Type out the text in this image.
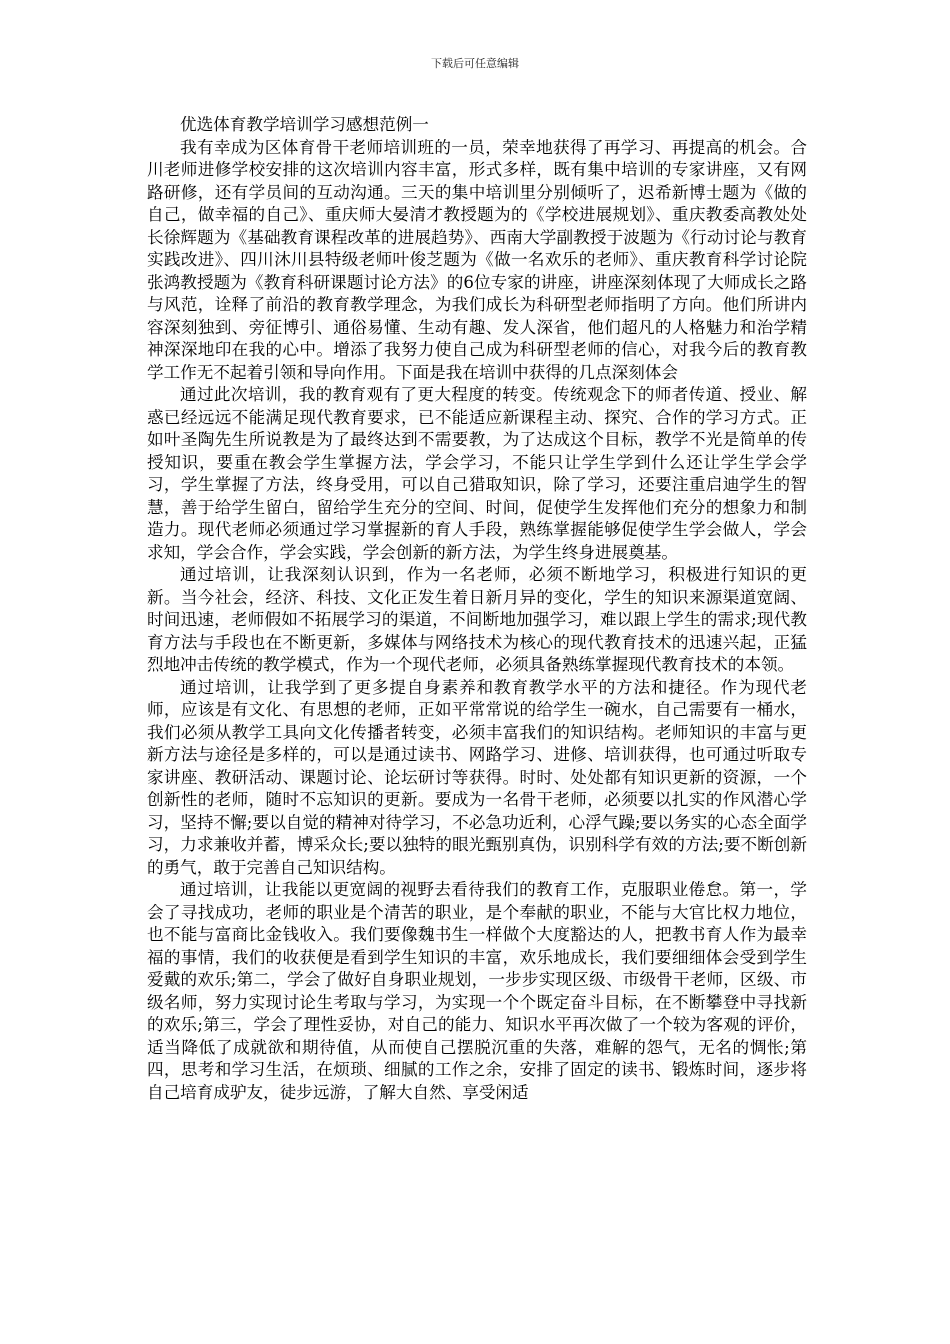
下载后可任意编辑

优选体育教学培训学习感想范例一

我有幸成为区体育骨干老师培训班的一员，荣幸地获得了再学习、再提高的机会。合川老师进修学校安排的这次培训内容丰富，形式多样，既有集中培训的专家讲座，又有网路研修，还有学员间的互动沟通。三天的集中培训里分别倾听了，迟希新博士题为《做的自己，做幸福的自己》、重庆师大晏清才教授题为的《学校进展规划》、重庆教委高教处处长徐辉题为《基础教育课程改革的进展趋势》、西南大学副教授于波题为《行动讨论与教育实践改进》、四川沐川县特级老师叶俊芝题为《做一名欢乐的老师》、重庆教育科学讨论院张鸿教授题为《教育科研课题讨论方法》的6位专家的讲座，讲座深刻体现了大师成长之路与风范，诠释了前沿的教育教学理念，为我们成长为科研型老师指明了方向。他们所讲内容深刻独到、旁征博引、通俗易懂、生动有趣、发人深省，他们超凡的人格魅力和治学精神深深地印在我的心中。增添了我努力使自己成为科研型老师的信心，对我今后的教育教学工作无不起着引领和导向作用。下面是我在培训中获得的几点深刻体会

通过此次培训，我的教育观有了更大程度的转变。传统观念下的师者传道、授业、解惑已经远远不能满足现代教育要求，已不能适应新课程主动、探究、合作的学习方式。正如叶圣陶先生所说教是为了最终达到不需要教，为了达成这个目标，教学不光是简单的传授知识，要重在教会学生掌握方法，学会学习，不能只让学生学到什么还让学生学会学习，学生掌握了方法，终身受用，可以自己猎取知识，除了学习，还要注重启迪学生的智慧，善于给学生留白，留给学生充分的空间、时间，促使学生发挥他们充分的想象力和制造力。现代老师必须通过学习掌握新的育人手段，熟练掌握能够促使学生学会做人，学会求知，学会合作，学会实践，学会创新的新方法，为学生终身进展奠基。

通过培训，让我深刻认识到，作为一名老师，必须不断地学习，积极进行知识的更新。当今社会，经济、科技、文化正发生着日新月异的变化，学生的知识来源渠道宽阔、时间迅速，老师假如不拓展学习的渠道，不间断地加强学习，难以跟上学生的需求;现代教育方法与手段也在不断更新，多媒体与网络技术为核心的现代教育技术的迅速兴起，正猛烈地冲击传统的教学模式，作为一个现代老师，必须具备熟练掌握现代教育技术的本领。

通过培训，让我学到了更多提自身素养和教育教学水平的方法和捷径。作为现代老师，应该是有文化、有思想的老师，正如平常常说的给学生一碗水，自己需要有一桶水，我们必须从教学工具向文化传播者转变，必须丰富我们的知识结构。老师知识的丰富与更新方法与途径是多样的，可以是通过读书、网路学习、进修、培训获得，也可通过听取专家讲座、教研活动、课题讨论、论坛研讨等获得。时时、处处都有知识更新的资源，一个创新性的老师，随时不忘知识的更新。要成为一名骨干老师，必须要以扎实的作风潜心学习，坚持不懈;要以自觉的精神对待学习，不必急功近利，心浮气躁;要以务实的心态全面学习，力求兼收并蓄，博采众长;要以独特的眼光甄别真伪，识别科学有效的方法;要不断创新的勇气，敢于完善自己知识结构。

通过培训，让我能以更宽阔的视野去看待我们的教育工作，克服职业倦怠。第一，学会了寻找成功，老师的职业是个清苦的职业，是个奉献的职业，不能与大官比权力地位，也不能与富商比金钱收入。我们要像魏书生一样做个大度豁达的人，把教书育人作为最幸福的事情，我们的收获便是看到学生知识的丰富，欢乐地成长，我们要细细体会受到学生爱戴的欢乐;第二，学会了做好自身职业规划，一步步实现区级、市级骨干老师，区级、市级名师，努力实现讨论生考取与学习，为实现一个个既定奋斗目标，在不断攀登中寻找新的欢乐;第三，学会了理性妥协，对自己的能力、知识水平再次做了一个较为客观的评价，适当降低了成就欲和期待值，从而使自己摆脱沉重的失落，难解的怨气，无名的惆怅;第四，思考和学习生活，在烦琐、细腻的工作之余，安排了固定的读书、锻炼时间，逐步将自己培育成驴友，徒步远游，了解大自然、享受闲适
